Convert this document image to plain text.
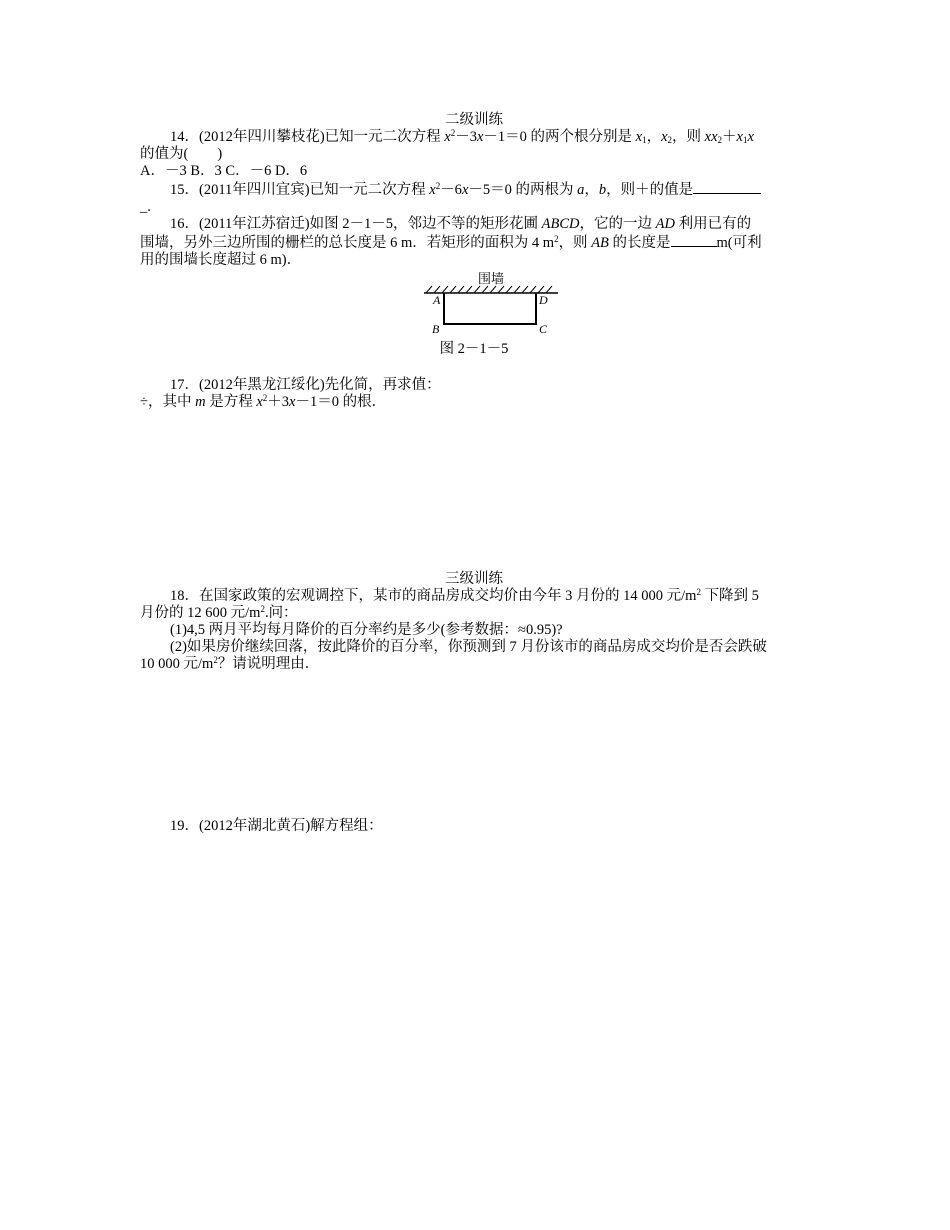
二级训练
14．(2012年四川攀枝花)已知一元二次方程 $x^2-3x-1=0$ 的两个根分别是 $x_1$，$x_2$，则 $xx_2+x_1x$
的值为(　　)
A．－3 B．3 C．－6 D．6
15．(2011年四川宜宾)已知一元二次方程 $x^2-6x-5=0$ 的两根为 a，b，则＋的值是
_.
16．(2011年江苏宿迁)如图 2－1－5，邻边不等的矩形花圃 ABCD，它的一边 AD 利用已有的
围墙，另外三边所围的栅栏的总长度是 6 m．若矩形的面积为 4 $m^2$，则 AB 的长度是	m(可利
用的围墙长度超过 6 m)．
围墙
A	D
B	C
图 2－1－5
17．(2012年黑龙江绥化)先化简，再求值：
÷，其中 m 是方程 $x^2+3x-1=0$ 的根．
三级训练
18．在国家政策的宏观调控下，某市的商品房成交均价由今年 3 月份的 14 000 元$/m^2$ 下降到 5
月份的 12 600 元$/m^2$.问：
(1)4,5 两月平均每月降价的百分率约是多少(参考数据：≈0.95)?
(2)如果房价继续回落，按此降价的百分率，你预测到 7 月份该市的商品房成交均价是否会跌破
10 000 元$/m^2$？请说明理由．
19．(2012年湖北黄石)解方程组：
